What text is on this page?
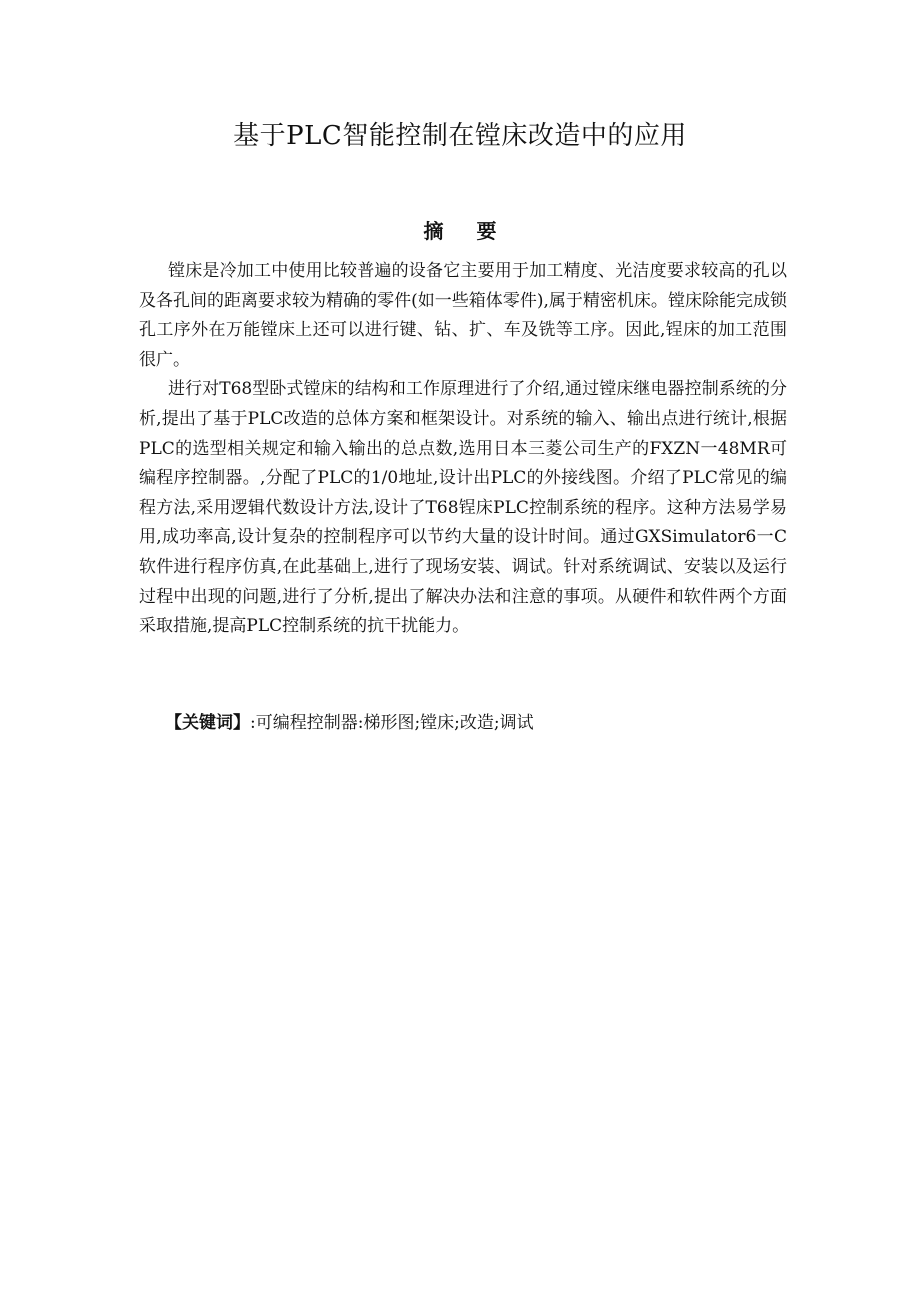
基于PLC智能控制在镗床改造中的应用
摘 要

镗床是冷加工中使用比较普遍的设备它主要用于加工精度、光洁度要求较高的孔以及各孔间的距离要求较为精确的零件(如一些箱体零件),属于精密机床。镗床除能完成锁孔工序外在万能镗床上还可以进行键、钻、扩、车及铣等工序。因此,锃床的加工范围很广。

进行对T68型卧式镗床的结构和工作原理进行了介绍,通过镗床继电器控制系统的分析,提出了基于PLC改造的总体方案和框架设计。对系统的输入、输出点进行统计,根据PLC的选型相关规定和输入输出的总点数,选用日本三菱公司生产的FXZN一48MR可编程序控制器。,分配了PLC的1/0地址,设计出PLC的外接线图。介绍了PLC常见的编程方法,采用逻辑代数设计方法,设计了T68锃床PLC控制系统的程序。这种方法易学易用,成功率高,设计复杂的控制程序可以节约大量的设计时间。通过GXSimulator6一C软件进行程序仿真,在此基础上,进行了现场安装、调试。针对系统调试、安装以及运行过程中出现的问题,进行了分析,提出了解决办法和注意的事项。从硬件和软件两个方面采取措施,提高PLC控制系统的抗干扰能力。

【关键词】:可编程控制器:梯形图;镗床;改造;调试
